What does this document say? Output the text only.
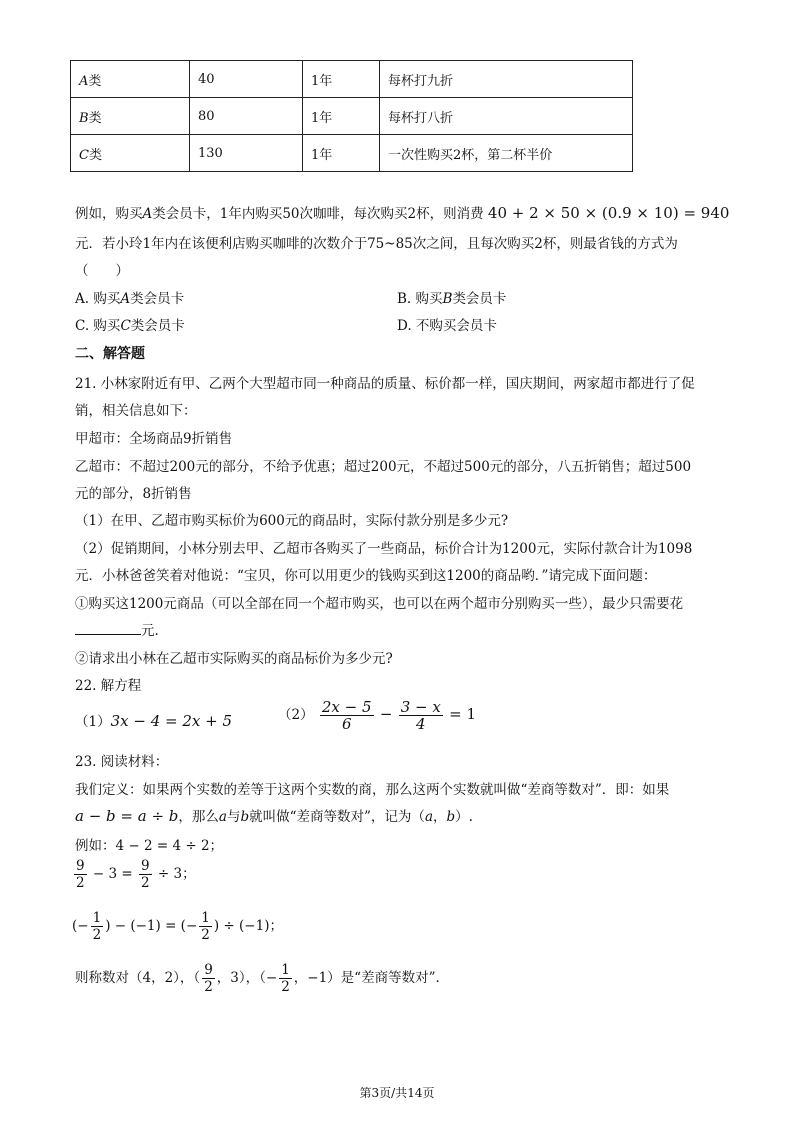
A类	40	1年	每杯打九折
B类	80	1年	每杯打八折
C类	130	1年	一次性购买2杯，第二杯半价
例如，购买A类会员卡，1年内购买50次咖啡，每次购买2杯，则消费 40 + 2 × 50 × (0.9 × 10) = 940
元．若小玲1年内在该便利店购买咖啡的次数介于75~85次之间，且每次购买2杯，则最省钱的方式为
（　　）
A. 购买A类会员卡	B. 购买B类会员卡
C. 购买C类会员卡	D. 不购买会员卡
二、解答题
21. 小林家附近有甲、乙两个大型超市同一种商品的质量、标价都一样，国庆期间，两家超市都进行了促
销，相关信息如下：
甲超市：全场商品9折销售
乙超市：不超过200元的部分，不给予优惠；超过200元，不超过500元的部分，八五折销售；超过500
元的部分，8折销售
（1）在甲、乙超市购买标价为600元的商品时，实际付款分别是多少元?
（2）促销期间，小林分别去甲、乙超市各购买了一些商品，标价合计为1200元，实际付款合计为1098
元．小林爸爸笑着对他说：“宝贝，你可以用更少的钱购买到这1200的商品哟．”请完成下面问题：
①购买这1200元商品（可以全部在同一个超市购买，也可以在两个超市分别购买一些），最少只需要花
元.
②请求出小林在乙超市实际购买的商品标价为多少元?
22. 解方程
（1）3x − 4 = 2x + 5	$(2) \frac{2x - 5}{6} - \frac{3 - x}{4} = 1$
23. 阅读材料：
我们定义：如果两个实数的差等于这两个实数的商，那么这两个实数就叫做“差商等数对”．即：如果
a − b = a ÷ b，那么a与b就叫做“差商等数对”，记为（a，b）.
例如：4 − 2 = 4 ÷ 2；
$\frac{9}{2} - 3 = \frac{9}{2} \div 3$；
(− $\frac{1}{2}$ ) − (−1) = (− $\frac{1}{2}$ ) ÷ (−1)；
则称数对（4，2），（ $\frac{9}{2}$ ，3），（− $\frac{1}{2}$ ，−1）是“差商等数对”．
第3页/共14页
